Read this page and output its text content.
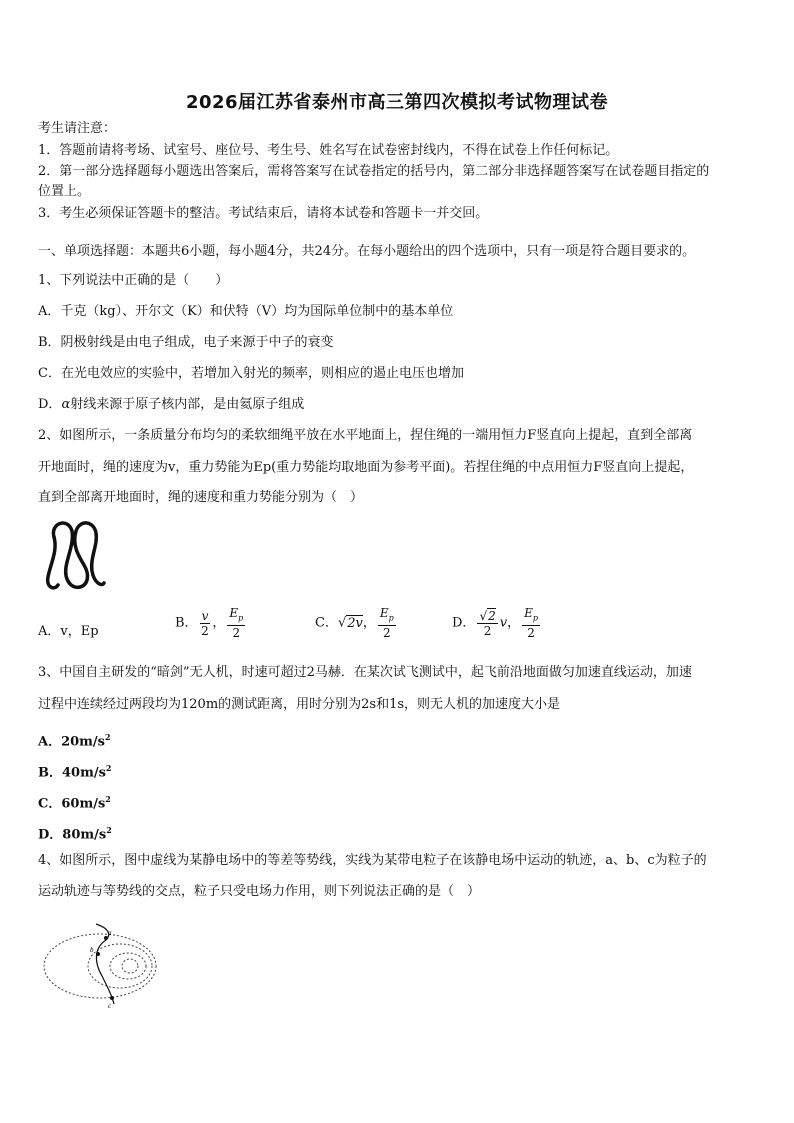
2026届江苏省泰州市高三第四次模拟考试物理试卷
考生请注意：
1．答题前请将考场、试室号、座位号、考生号、姓名写在试卷密封线内，不得在试卷上作任何标记。
2．第一部分选择题每小题选出答案后，需将答案写在试卷指定的括号内，第二部分非选择题答案写在试卷题目指定的
位置上。
3．考生必须保证答题卡的整洁。考试结束后，请将本试卷和答题卡一并交回。
一、单项选择题：本题共6小题，每小题4分，共24分。在每小题给出的四个选项中，只有一项是符合题目要求的。
1、下列说法中正确的是（　　）
A．千克（kg）、开尔文（K）和伏特（V）均为国际单位制中的基本单位
B．阴极射线是由电子组成，电子来源于中子的衰变
C．在光电效应的实验中，若增加入射光的频率，则相应的遏止电压也增加
D．α射线来源于原子核内部，是由氦原子组成
2、如图所示，一条质量分布均匀的柔软细绳平放在水平地面上，捏住绳的一端用恒力F竖直向上提起，直到全部离
开地面时，绳的速度为v，重力势能为Ep(重力势能均取地面为参考平面)。若捏住绳的中点用恒力F竖直向上提起，
直到全部离开地面时，绳的速度和重力势能分别为（　）
A．v，Ep
B． $\frac{v}{2}$ ， $\frac{E_p}{2}$	C．√2v， $\frac{E_p}{2}$	D． $\frac{√2}{2}$ v， $\frac{E_p}{2}$
3、中国自主研发的“暗剑”无人机，时速可超过2马赫．在某次试飞测试中，起飞前沿地面做匀加速直线运动，加速
过程中连续经过两段均为120m的测试距离，用时分别为2s和1s，则无人机的加速度大小是
A．$20m/s^2$
B．$40m/s^2$
C．$60m/s^2$
D．$80m/s^2$
4、如图所示，图中虚线为某静电场中的等差等势线，实线为某带电粒子在该静电场中运动的轨迹，a、b、c为粒子的
运动轨迹与等势线的交点，粒子只受电场力作用，则下列说法正确的是（　）
a
b
c
